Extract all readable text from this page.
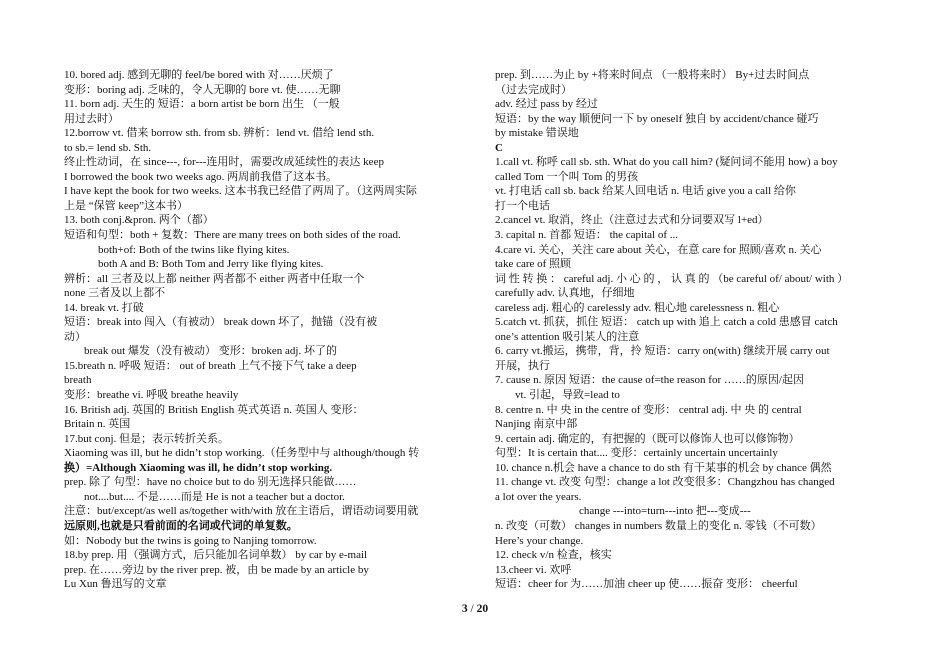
10. bored adj. 感到无聊的 feel/be bored with 对……厌烦了
变形：boring adj. 乏味的，令人无聊的 bore vt. 使……无聊
11. born adj. 天生的 短语：a born artist be born 出生 （一般
用过去时）
12.borrow vt. 借来 borrow sth. from sb. 辨析：lend vt. 借给 lend sth.
to sb.= lend sb. Sth.
终止性动词，在 since---, for---连用时，需要改成延续性的表达 keep
I borrowed the book two weeks ago. 两周前我借了这本书。
I have kept the book for two weeks. 这本书我已经借了两周了。（这两周实际
上是 “保管 keep”这本书）
13. both conj.&pron. 两个（都）
短语和句型：both + 复数：There are many trees on both sides of the road.
both+of: Both of the twins like flying kites.
both A and B: Both Tom and Jerry like flying kites.
辨析：all 三者及以上都 neither 两者都不 either 两者中任取一个
none 三者及以上都不
14. break vt. 打破
短语：break into 闯入（有被动） break down 坏了，抛锚（没有被
动）
break out 爆发（没有被动） 变形：broken adj. 坏了的
15.breath n. 呼吸 短语： out of breath 上气不接下气 take a deep
breath
变形：breathe vi. 呼吸 breathe heavily
16. British adj. 英国的 British English 英式英语 n. 英国人 变形：
Britain n. 英国
17.but conj. 但是；表示转折关系。
Xiaoming was ill, but he didn’t stop working.（任务型中与 although/though 转
换）=Although Xiaoming was ill, he didn’t stop working.
prep. 除了 句型：have no choice but to do 别无选择只能做……
not....but.... 不是……而是 He is not a teacher but a doctor.
注意：but/except/as well as/together with/with 放在主语后，谓语动词要用就
远原则,也就是只看前面的名词或代词的单复数。
如：Nobody but the twins is going to Nanjing tomorrow.
18.by prep. 用（强调方式，后只能加名词单数） by car by e-mail
prep. 在……旁边 by the river prep. 被，由 be made by an article by
Lu Xun 鲁迅写的文章
prep. 到……为止 by +将来时间点 （一般将来时） By+过去时间点
（过去完成时）
adv. 经过 pass by 经过
短语：by the way 顺便问一下 by oneself 独自 by accident/chance 碰巧
by mistake 错误地
C
1.call vt. 称呼 call sb. sth. What do you call him? (疑问词不能用 how) a boy
called Tom 一个叫 Tom 的男孩
vt. 打电话 call sb. back 给某人回电话 n. 电话 give you a call 给你
打一个电话
2.cancel vt. 取消，终止（注意过去式和分词要双写 l+ed）
3. capital n. 首都 短语： the capital of ...
4.care vi. 关心，关注 care about 关心，在意 care for 照顾/喜欢 n. 关心
take care of 照顾
词 性 转 换 ： careful adj. 小 心 的 ， 认 真 的 （be careful of/ about/ with ）
carefully adv. 认真地，仔细地
careless adj. 粗心的 carelessly adv. 粗心地 carelessness n. 粗心
5.catch vt. 抓获，抓住 短语： catch up with 追上 catch a cold 患感冒 catch
one’s attention 吸引某人的注意
6. carry vt.搬运，携带，背，拎 短语：carry on(with) 继续开展 carry out
开展，执行
7. cause n. 原因 短语：the cause of=the reason for ……的原因/起因
vt. 引起，导致=lead to
8. centre n. 中 央 in the centre of 变形： central adj. 中 央 的 central
Nanjing 南京中部
9. certain adj. 确定的，有把握的（既可以修饰人也可以修饰物）
句型：It is certain that.... 变形：certainly uncertain uncertainly
10. chance n.机会 have a chance to do sth 有干某事的机会 by chance 偶然
11. change vt. 改变 句型：change a lot 改变很多：Changzhou has changed
a lot over the years.
change ---into=turn---into 把---变成---
n. 改变（可数） changes in numbers 数量上的变化 n. 零钱（不可数）
Here’s your change.
12. check v/n 检查，核实
13.cheer vi. 欢呼
短语：cheer for 为……加油 cheer up 使……振奋 变形： cheerful
3 / 20
